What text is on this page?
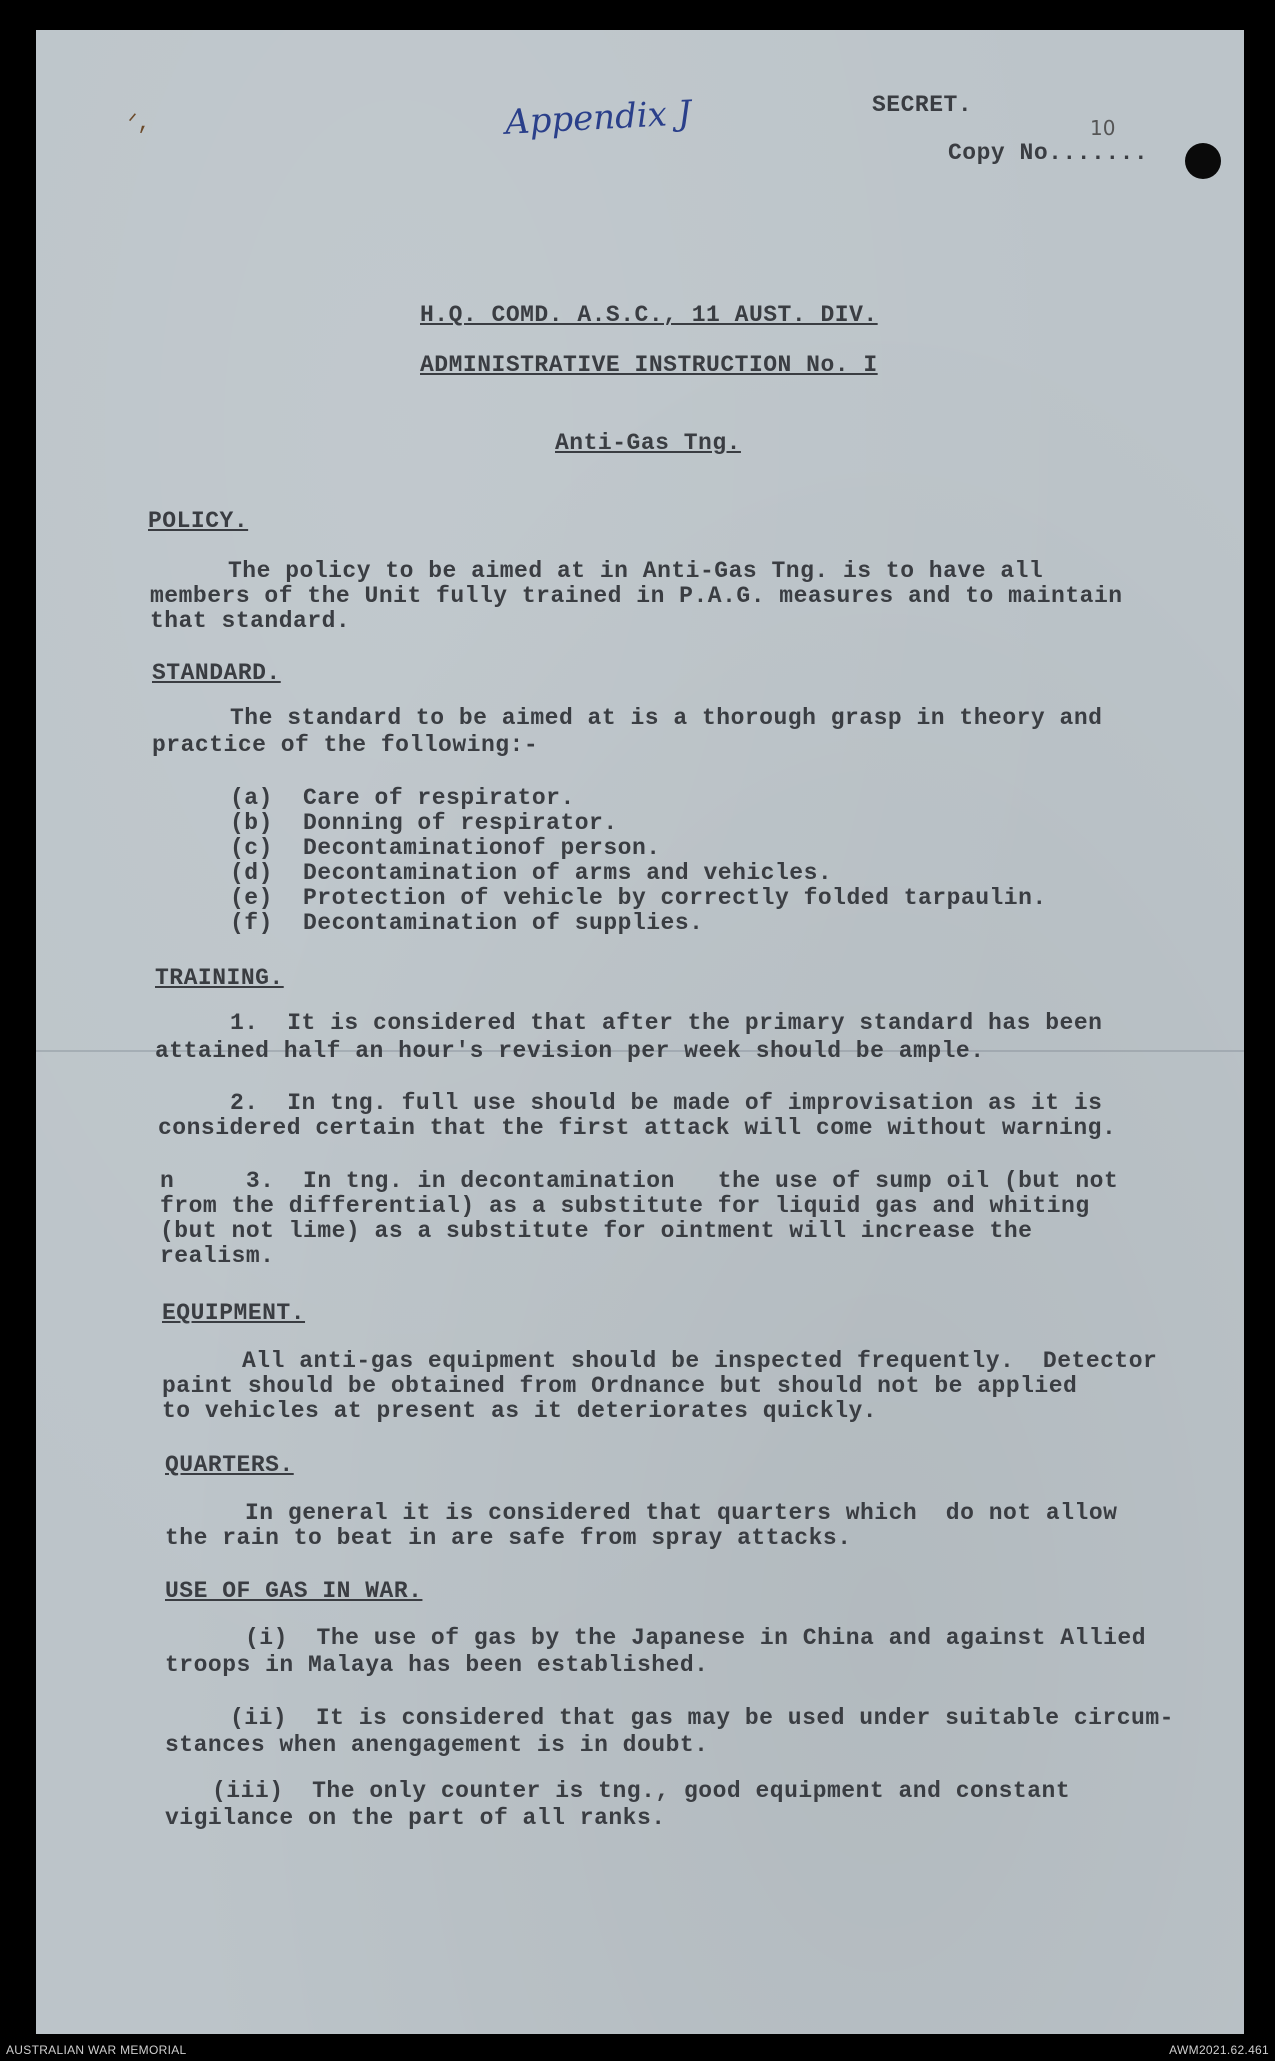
ᐟ,	Appendix J	SECRET.
Copy No.......
10
H.Q. COMD. A.S.C., 11 AUST. DIV.
ADMINISTRATIVE INSTRUCTION No. I
Anti-Gas Tng.
POLICY.
The policy to be aimed at in Anti-Gas Tng. is to have all
members of the Unit fully trained in P.A.G. measures and to maintain
that standard.
STANDARD.
The standard to be aimed at is a thorough grasp in theory and
practice of the following:-
(a) Care of respirator.
(b) Donning of respirator.
(c) Decontaminationof person.
(d) Decontamination of arms and vehicles.
(e) Protection of vehicle by correctly folded tarpaulin.
(f) Decontamination of supplies.
TRAINING.
1.  It is considered that after the primary standard has been
attained half an hour's revision per week should be ample.
2.  In tng. full use should be made of improvisation as it is
considered certain that the first attack will come without warning.
n     3.  In tng. in decontamination   the use of sump oil (but not
from the differential) as a substitute for liquid gas and whiting
(but not lime) as a substitute for ointment will increase the
realism.
EQUIPMENT.
All anti-gas equipment should be inspected frequently.  Detector
paint should be obtained from Ordnance but should not be applied
to vehicles at present as it deteriorates quickly.
QUARTERS.
In general it is considered that quarters which  do not allow
the rain to beat in are safe from spray attacks.
USE OF GAS IN WAR.
(i)  The use of gas by the Japanese in China and against Allied
troops in Malaya has been established.
(ii)  It is considered that gas may be used under suitable circum-
stances when anengagement is in doubt.
(iii)  The only counter is tng., good equipment and constant
vigilance on the part of all ranks.
AUSTRALIAN WAR MEMORIAL	AWM2021.62.461
